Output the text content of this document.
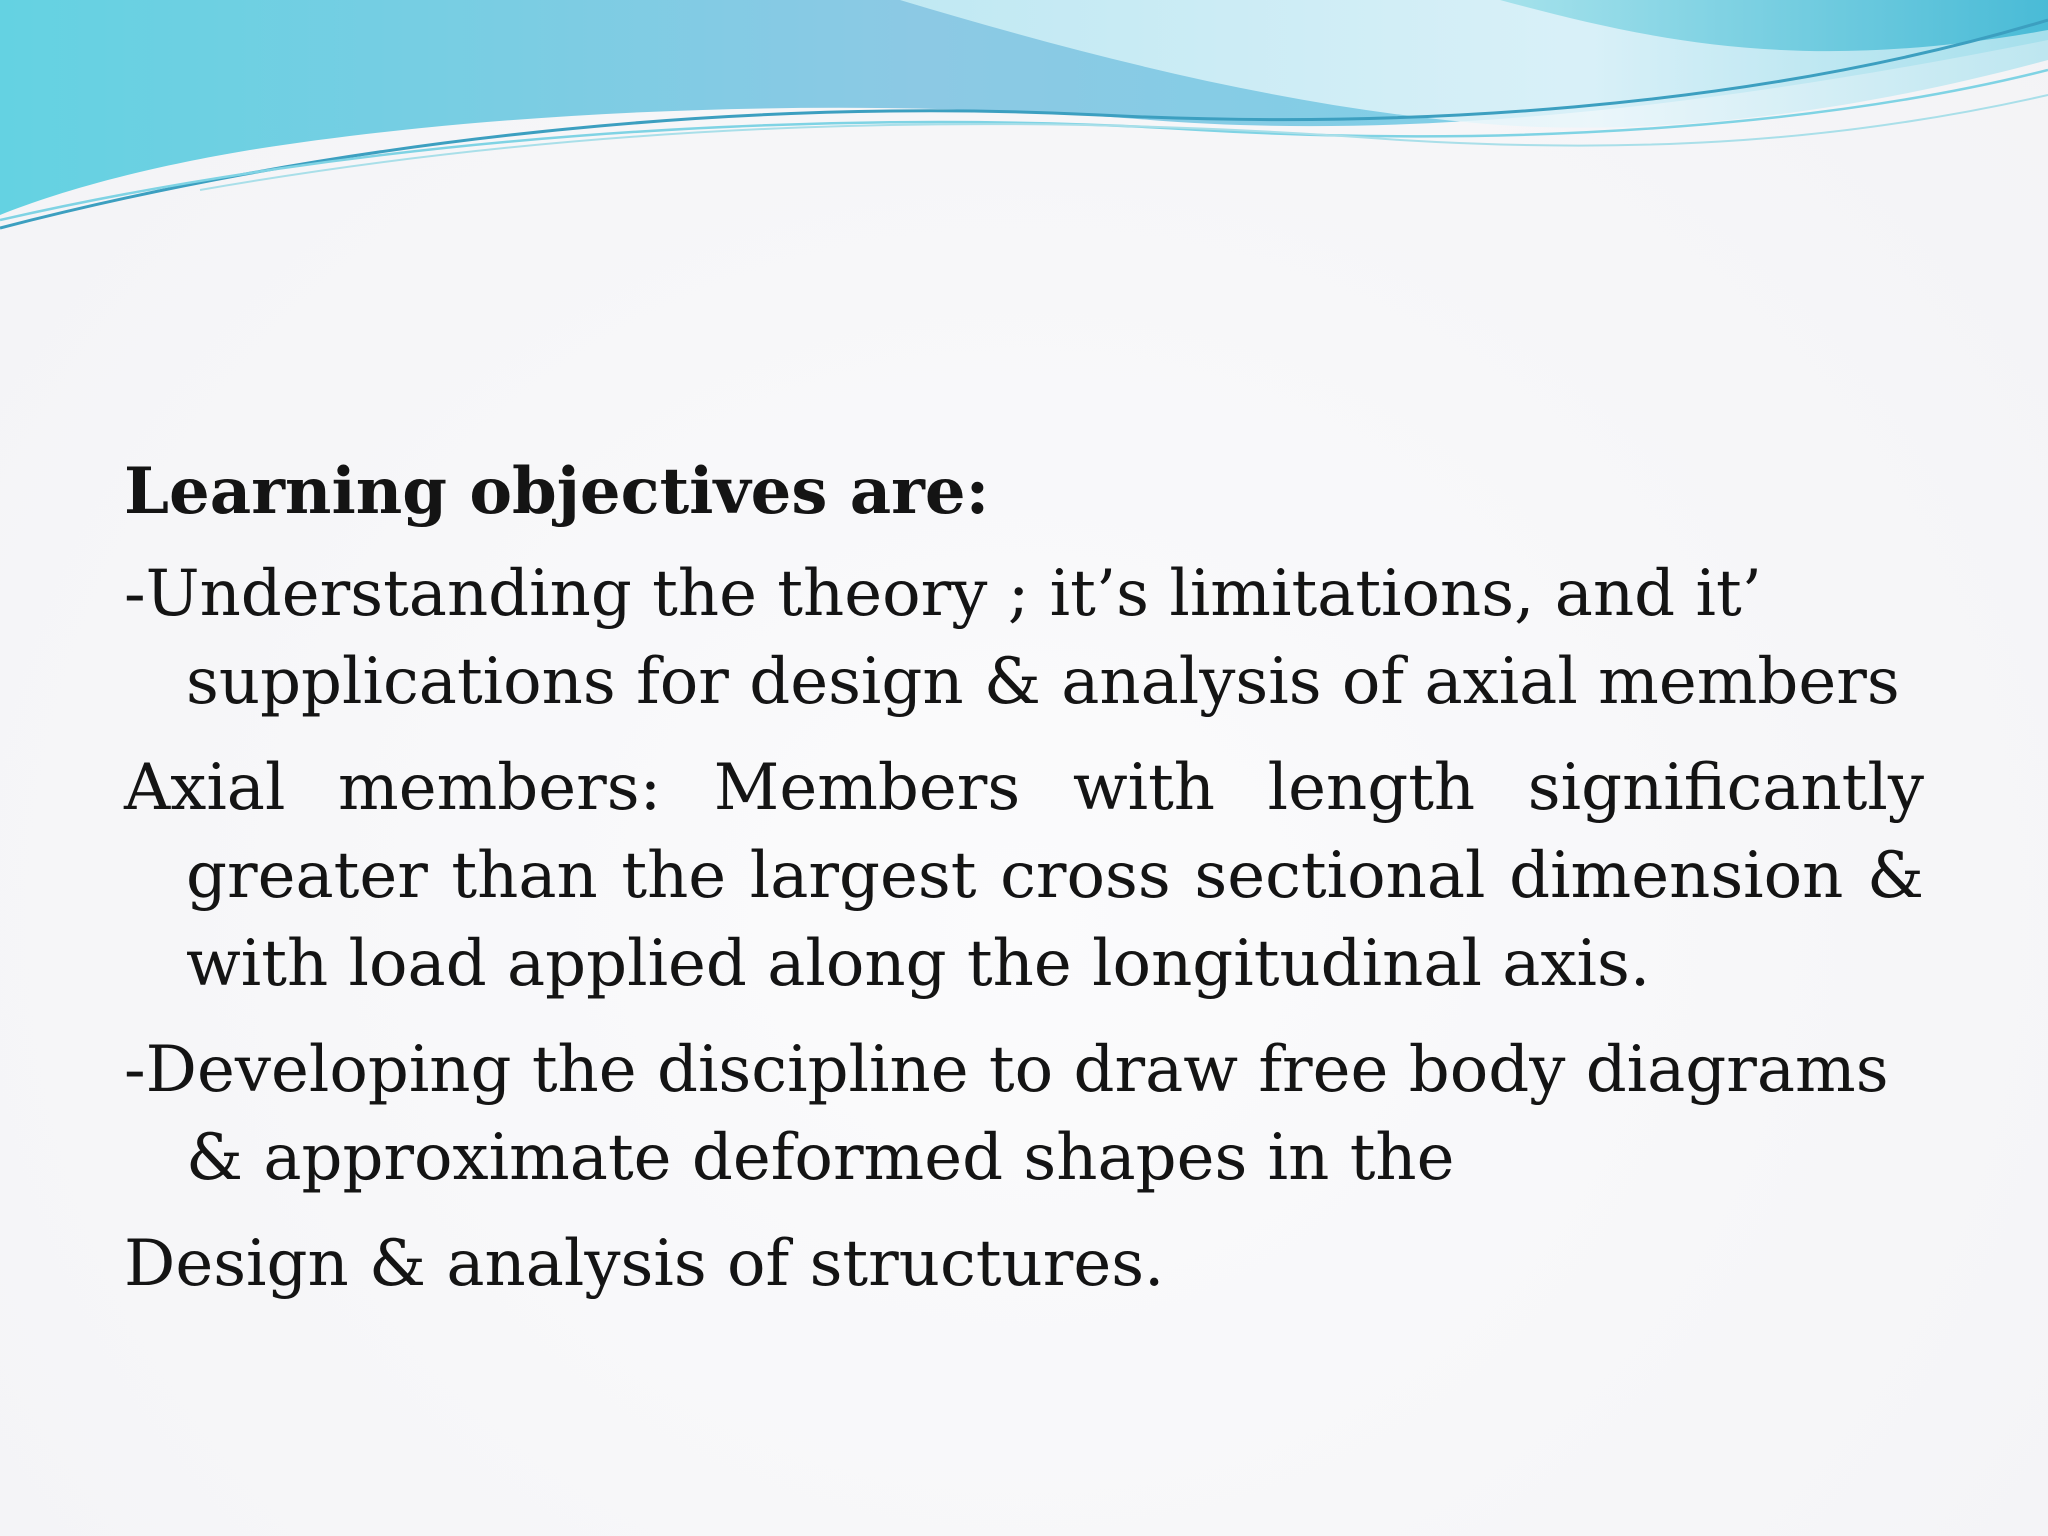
Learning objectives are:
-Understanding the theory ; it’s limitations, and it’ supplications for design & analysis of axial members
Axial members: Members with length significantly greater than the largest cross sectional dimension & with load applied along the longitudinal axis.
-Developing the discipline to draw free body diagrams & approximate deformed shapes in the
Design & analysis of structures.
